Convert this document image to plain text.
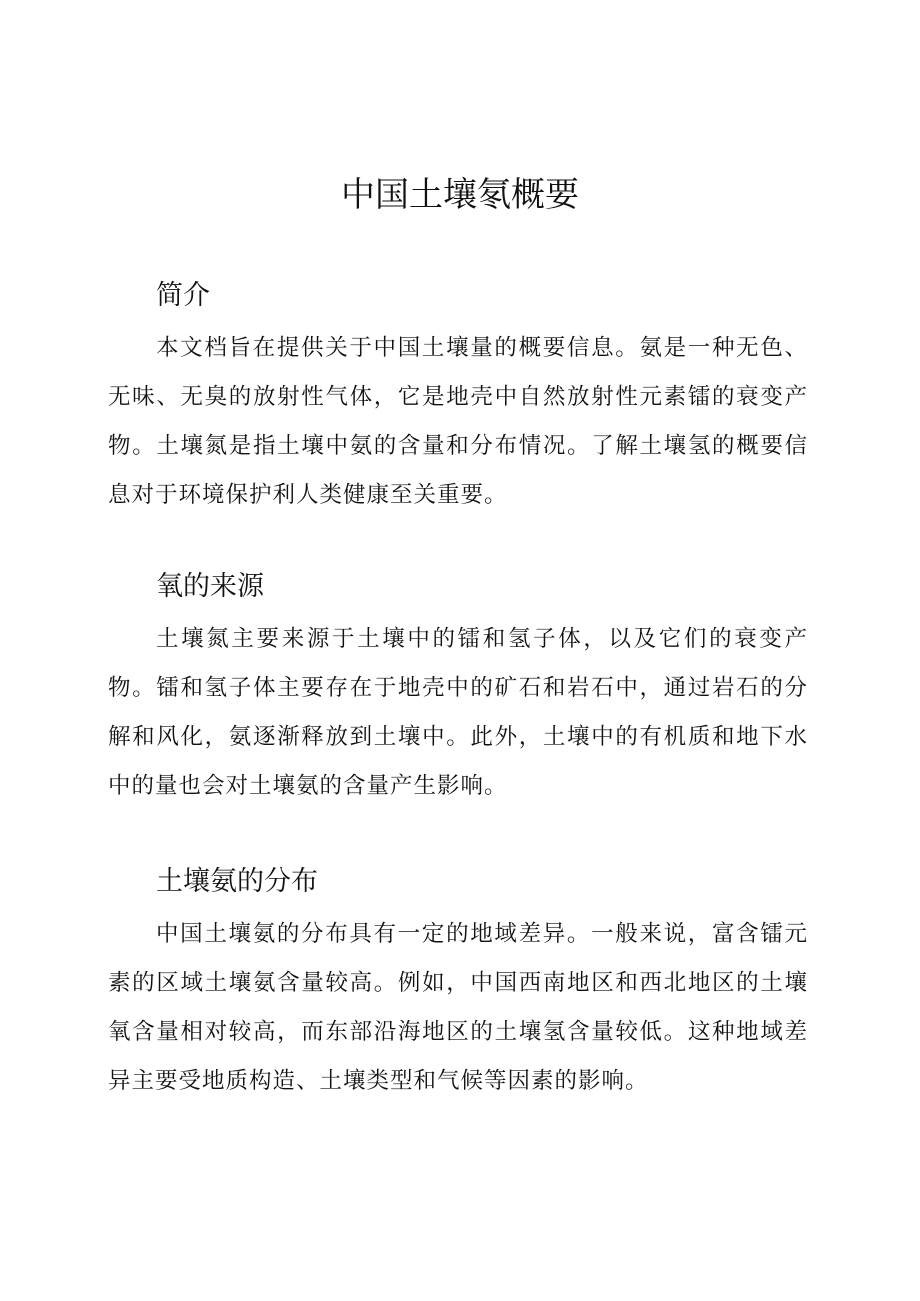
中国土壤氡概要
简介

本文档旨在提供关于中国土壤量的概要信息。氨是一种无色、无味、无臭的放射性气体，它是地壳中自然放射性元素镭的衰变产物。土壤氮是指土壤中氨的含量和分布情况。了解土壤氢的概要信息对于环境保护利人类健康至关重要。

氧的来源

土壤氮主要来源于土壤中的镭和氢子体，以及它们的衰变产物。镭和氢子体主要存在于地壳中的矿石和岩石中，通过岩石的分解和风化，氨逐渐释放到土壤中。此外，土壤中的有机质和地下水中的量也会对土壤氨的含量产生影响。

土壤氨的分布

中国土壤氨的分布具有一定的地域差异。一般来说，富含镭元素的区域土壤氨含量较高。例如，中国西南地区和西北地区的土壤氧含量相对较高，而东部沿海地区的土壤氢含量较低。这种地域差异主要受地质构造、土壤类型和气候等因素的影响。
